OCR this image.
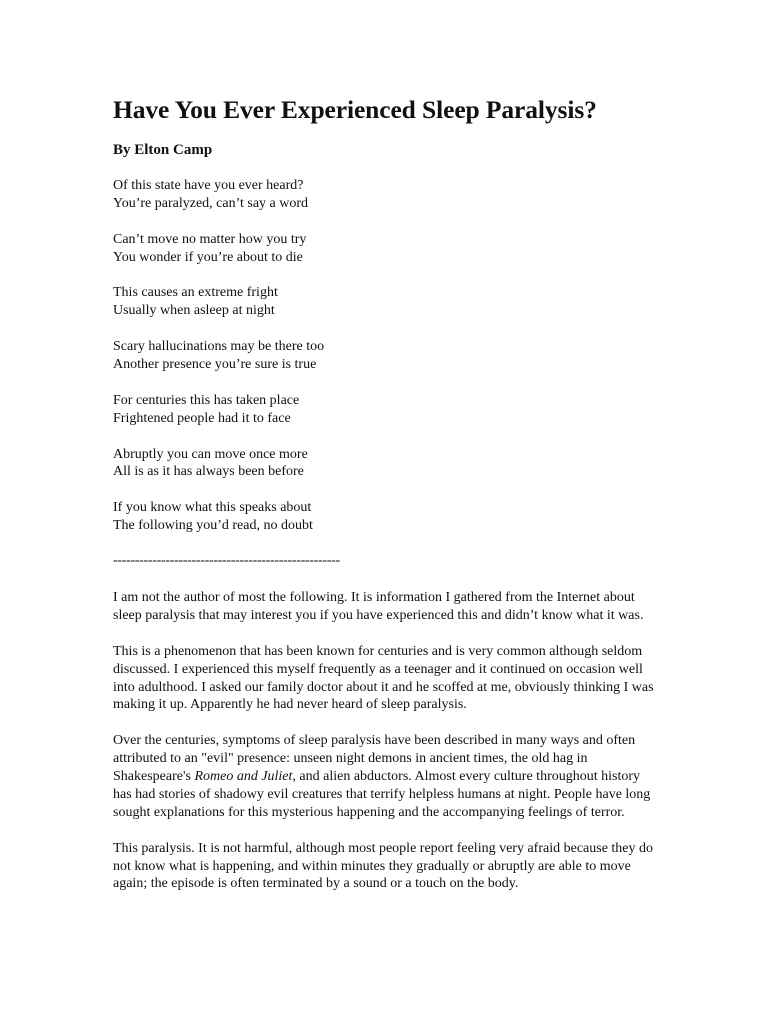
Have You Ever Experienced Sleep Paralysis?

By Elton Camp

Of this state have you ever heard?
You’re paralyzed, can’t say a word
Can’t move no matter how you try
You wonder if you’re about to die
This causes an extreme fright
Usually when asleep at night
Scary hallucinations may be there too
Another presence you’re sure is true
For centuries this has taken place
Frightened people had it to face
Abruptly you can move once more
All is as it has always been before
If you know what this speaks about
The following you’d read, no doubt

----------------------------------------------------

I am not the author of most the following. It is information I gathered from the Internet about sleep paralysis that may interest you if you have experienced this and didn’t know what it was.

This is a phenomenon that has been known for centuries and is very common although seldom discussed. I experienced this myself frequently as a teenager and it continued on occasion well into adulthood. I asked our family doctor about it and he scoffed at me, obviously thinking I was making it up. Apparently he had never heard of sleep paralysis.

Over the centuries, symptoms of sleep paralysis have been described in many ways and often attributed to an "evil" presence: unseen night demons in ancient times, the old hag in Shakespeare's Romeo and Juliet, and alien abductors. Almost every culture throughout history has had stories of shadowy evil creatures that terrify helpless humans at night. People have long sought explanations for this mysterious happening and the accompanying feelings of terror.

This paralysis. It is not harmful, although most people report feeling very afraid because they do not know what is happening, and within minutes they gradually or abruptly are able to move again; the episode is often terminated by a sound or a touch on the body.
